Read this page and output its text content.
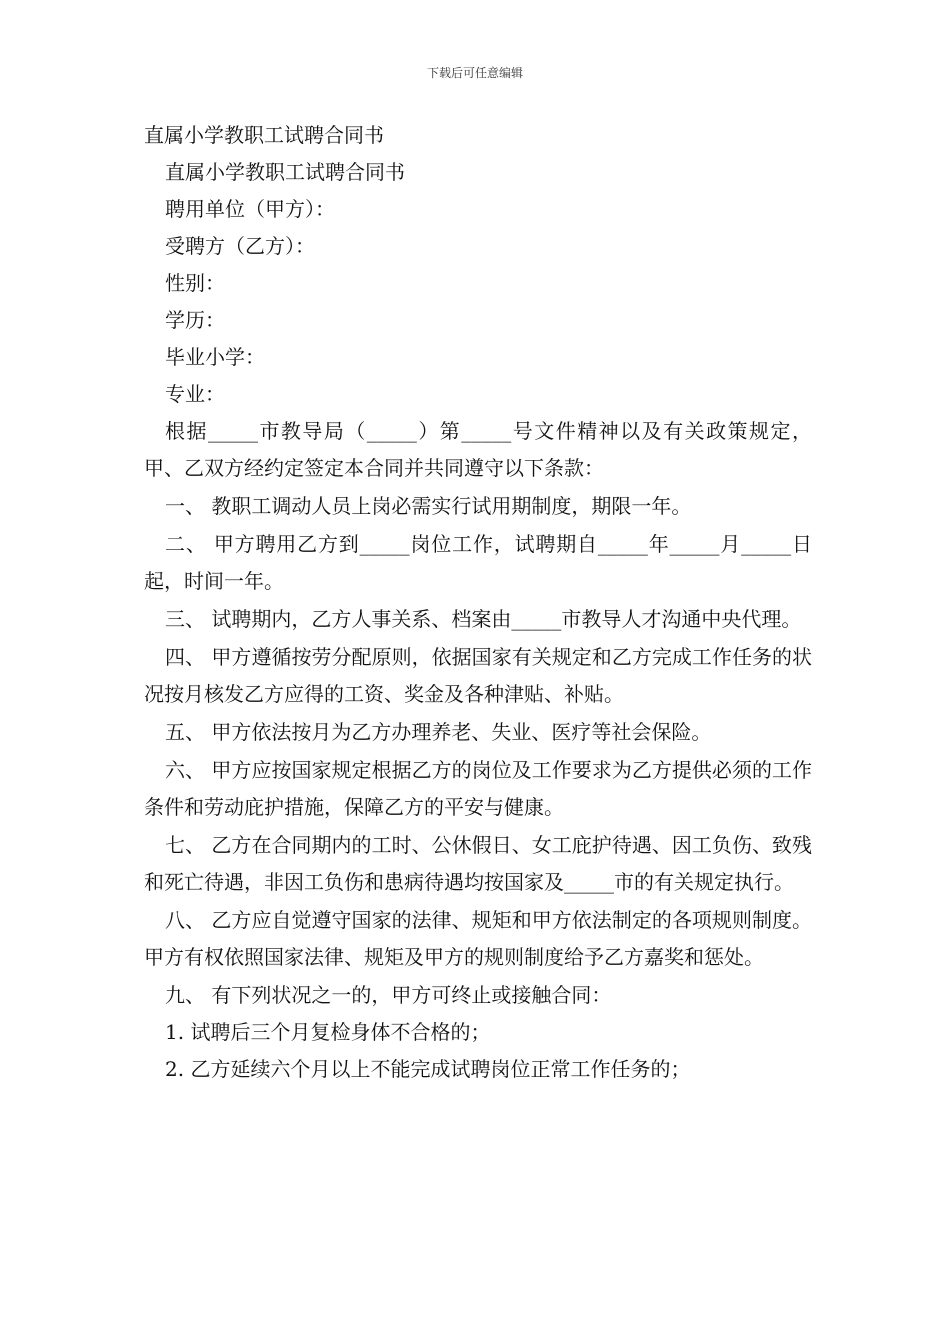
下载后可任意编辑

直属小学教职工试聘合同书

直属小学教职工试聘合同书

聘用单位（甲方）：

受聘方（乙方）：

性别：

学历：

毕业小学：

专业：

根据_____市教导局（_____）第_____号文件精神以及有关政策规定，甲、乙双方经约定签定本合同并共同遵守以下条款：

一、 教职工调动人员上岗必需实行试用期制度，期限一年。

二、 甲方聘用乙方到_____岗位工作，试聘期自_____年_____月_____日起，时间一年。

三、 试聘期内，乙方人事关系、档案由_____市教导人才沟通中央代理。

四、 甲方遵循按劳分配原则，依据国家有关规定和乙方完成工作任务的状况按月核发乙方应得的工资、奖金及各种津贴、补贴。

五、 甲方依法按月为乙方办理养老、失业、医疗等社会保险。

六、 甲方应按国家规定根据乙方的岗位及工作要求为乙方提供必须的工作条件和劳动庇护措施，保障乙方的平安与健康。

七、 乙方在合同期内的工时、公休假日、女工庇护待遇、因工负伤、致残和死亡待遇，非因工负伤和患病待遇均按国家及_____市的有关规定执行。

八、 乙方应自觉遵守国家的法律、规矩和甲方依法制定的各项规则制度。甲方有权依照国家法律、规矩及甲方的规则制度给予乙方嘉奖和惩处。

九、 有下列状况之一的，甲方可终止或接触合同：

1. 试聘后三个月复检身体不合格的；

2. 乙方延续六个月以上不能完成试聘岗位正常工作任务的；
